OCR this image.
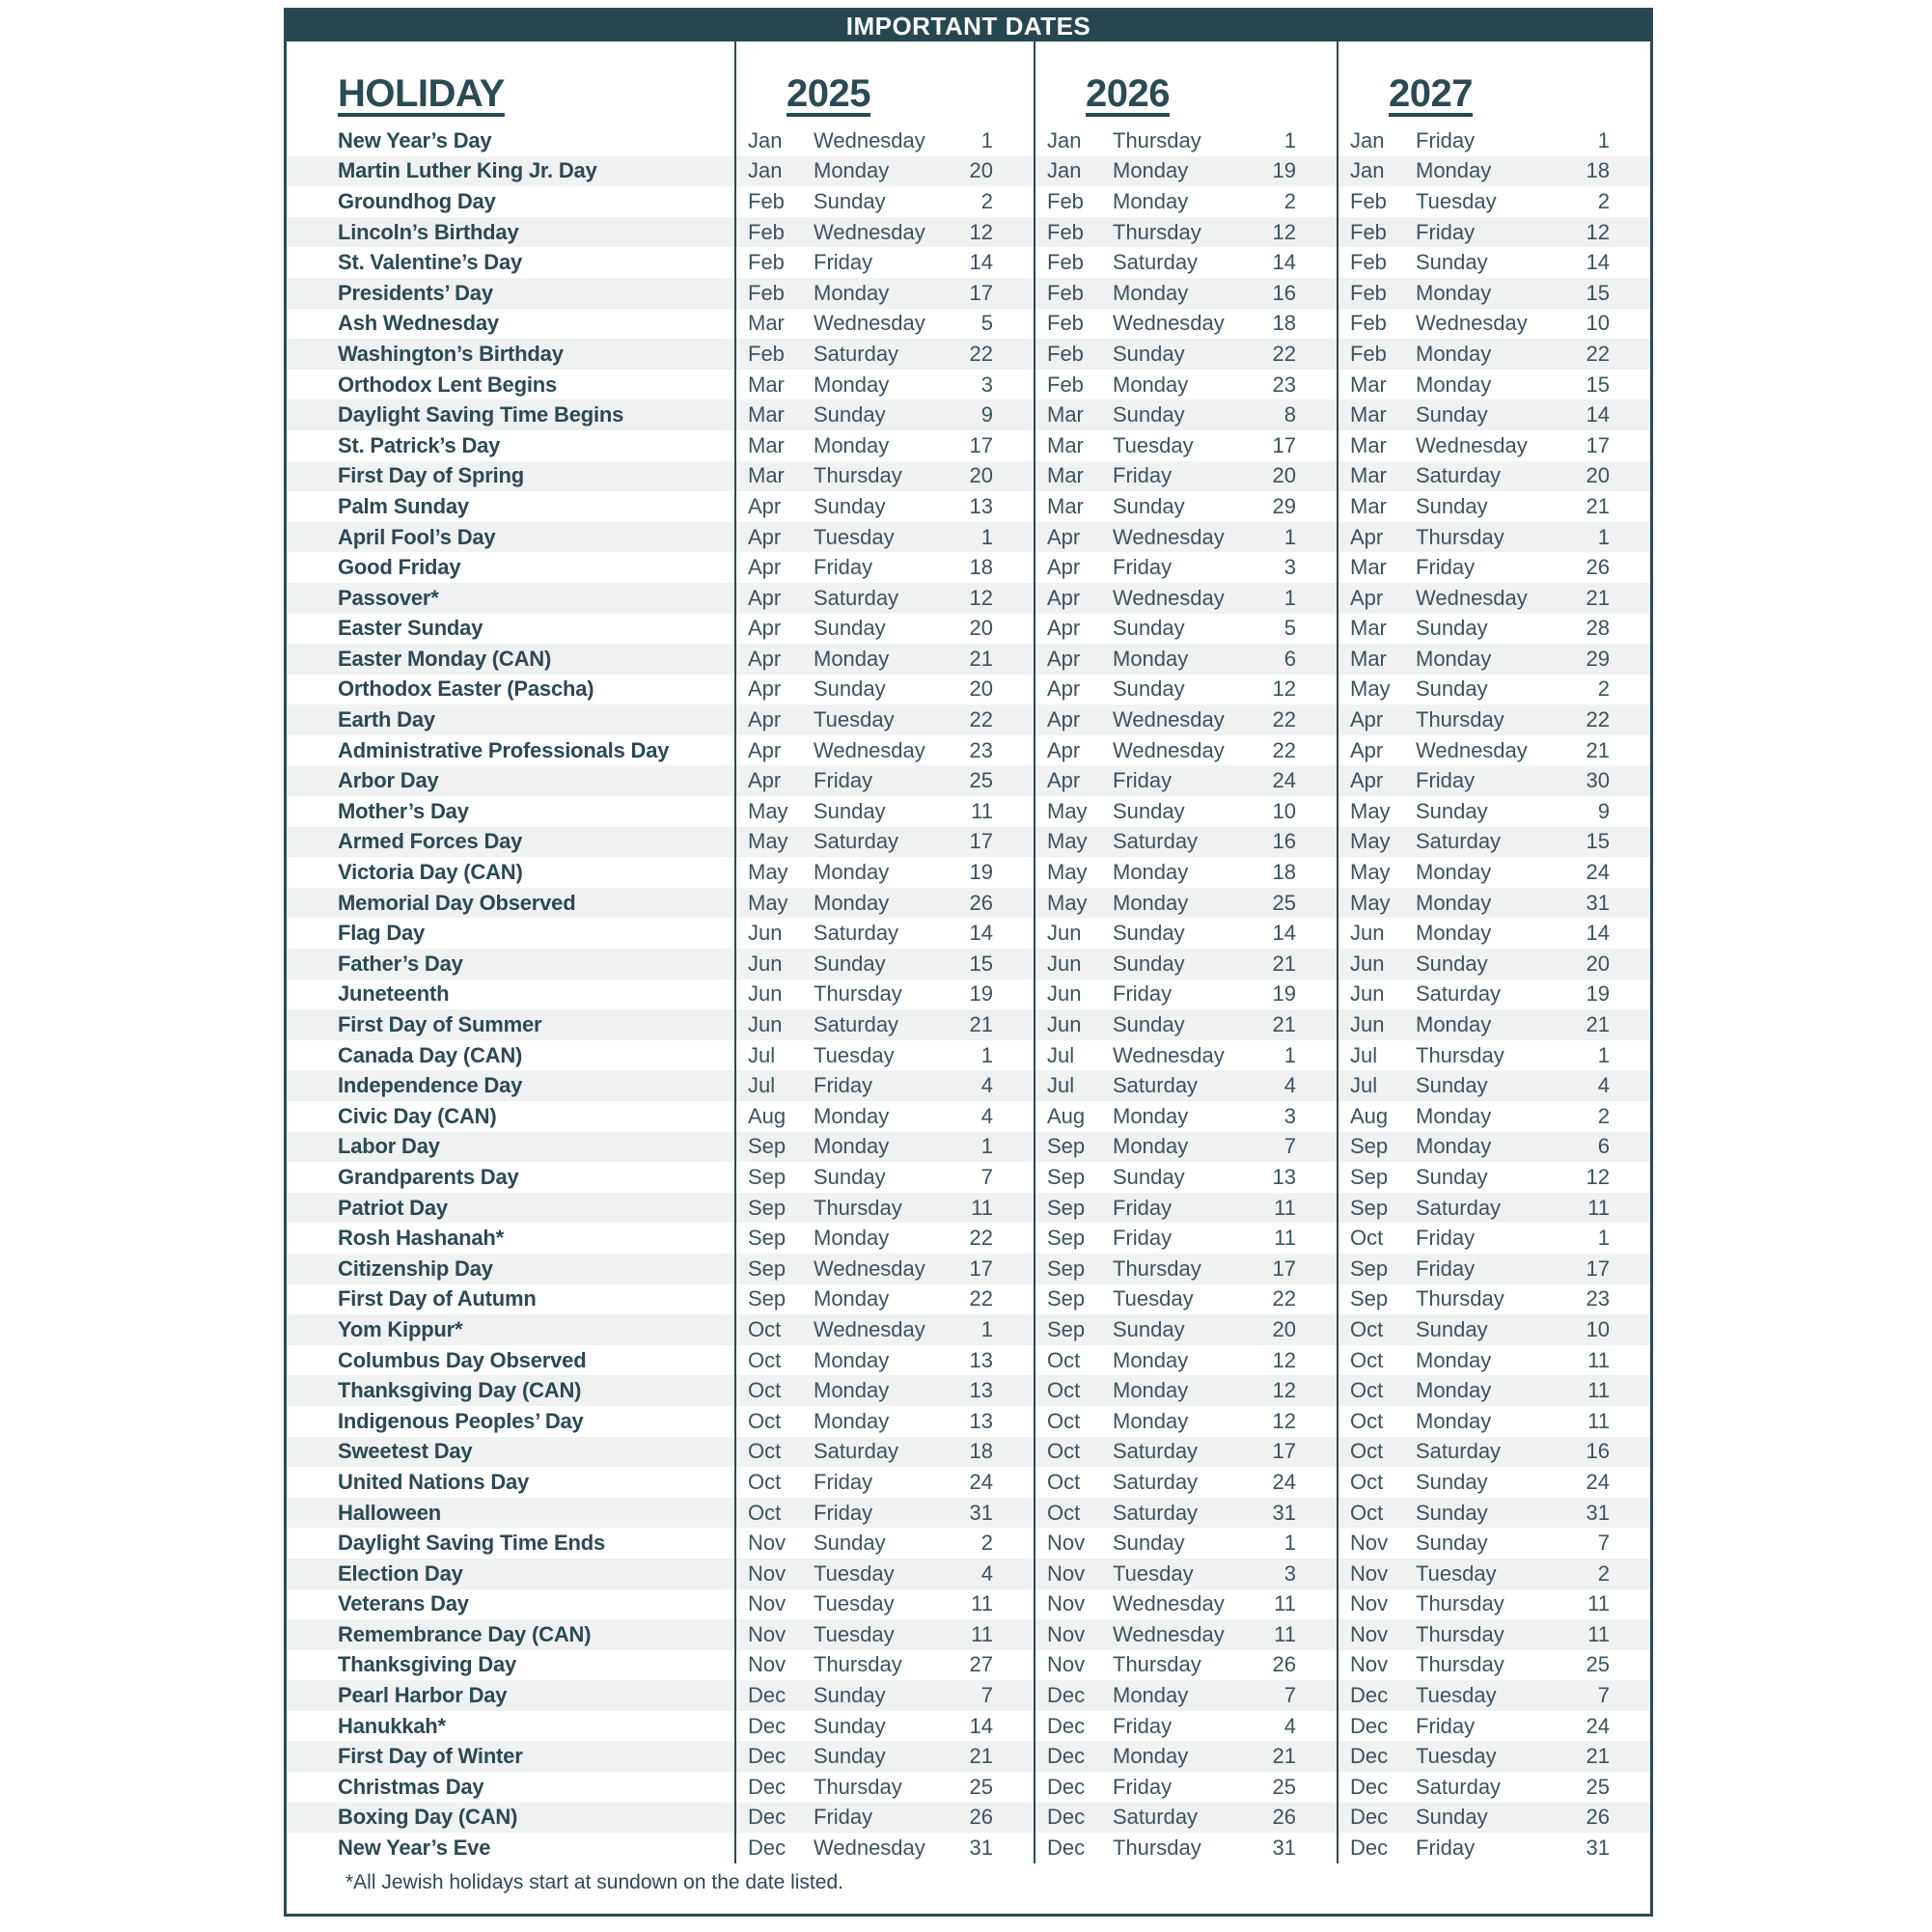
IMPORTANT DATES
HOLIDAY	2025	2026	2027
New Year’s Day	Jan	Wednesday	1	Jan	Thursday	1	Jan	Friday	1
Martin Luther King Jr. Day	Jan	Monday	20	Jan	Monday	19	Jan	Monday	18
Groundhog Day	Feb	Sunday	2	Feb	Monday	2	Feb	Tuesday	2
Lincoln’s Birthday	Feb	Wednesday	12	Feb	Thursday	12	Feb	Friday	12
St. Valentine’s Day	Feb	Friday	14	Feb	Saturday	14	Feb	Sunday	14
Presidents’ Day	Feb	Monday	17	Feb	Monday	16	Feb	Monday	15
Ash Wednesday	Mar	Wednesday	5	Feb	Wednesday	18	Feb	Wednesday	10
Washington’s Birthday	Feb	Saturday	22	Feb	Sunday	22	Feb	Monday	22
Orthodox Lent Begins	Mar	Monday	3	Feb	Monday	23	Mar	Monday	15
Daylight Saving Time Begins	Mar	Sunday	9	Mar	Sunday	8	Mar	Sunday	14
St. Patrick’s Day	Mar	Monday	17	Mar	Tuesday	17	Mar	Wednesday	17
First Day of Spring	Mar	Thursday	20	Mar	Friday	20	Mar	Saturday	20
Palm Sunday	Apr	Sunday	13	Mar	Sunday	29	Mar	Sunday	21
April Fool’s Day	Apr	Tuesday	1	Apr	Wednesday	1	Apr	Thursday	1
Good Friday	Apr	Friday	18	Apr	Friday	3	Mar	Friday	26
Passover*	Apr	Saturday	12	Apr	Wednesday	1	Apr	Wednesday	21
Easter Sunday	Apr	Sunday	20	Apr	Sunday	5	Mar	Sunday	28
Easter Monday (CAN)	Apr	Monday	21	Apr	Monday	6	Mar	Monday	29
Orthodox Easter (Pascha)	Apr	Sunday	20	Apr	Sunday	12	May	Sunday	2
Earth Day	Apr	Tuesday	22	Apr	Wednesday	22	Apr	Thursday	22
Administrative Professionals Day	Apr	Wednesday	23	Apr	Wednesday	22	Apr	Wednesday	21
Arbor Day	Apr	Friday	25	Apr	Friday	24	Apr	Friday	30
Mother’s Day	May	Sunday	11	May	Sunday	10	May	Sunday	9
Armed Forces Day	May	Saturday	17	May	Saturday	16	May	Saturday	15
Victoria Day (CAN)	May	Monday	19	May	Monday	18	May	Monday	24
Memorial Day Observed	May	Monday	26	May	Monday	25	May	Monday	31
Flag Day	Jun	Saturday	14	Jun	Sunday	14	Jun	Monday	14
Father’s Day	Jun	Sunday	15	Jun	Sunday	21	Jun	Sunday	20
Juneteenth	Jun	Thursday	19	Jun	Friday	19	Jun	Saturday	19
First Day of Summer	Jun	Saturday	21	Jun	Sunday	21	Jun	Monday	21
Canada Day (CAN)	Jul	Tuesday	1	Jul	Wednesday	1	Jul	Thursday	1
Independence Day	Jul	Friday	4	Jul	Saturday	4	Jul	Sunday	4
Civic Day (CAN)	Aug	Monday	4	Aug	Monday	3	Aug	Monday	2
Labor Day	Sep	Monday	1	Sep	Monday	7	Sep	Monday	6
Grandparents Day	Sep	Sunday	7	Sep	Sunday	13	Sep	Sunday	12
Patriot Day	Sep	Thursday	11	Sep	Friday	11	Sep	Saturday	11
Rosh Hashanah*	Sep	Monday	22	Sep	Friday	11	Oct	Friday	1
Citizenship Day	Sep	Wednesday	17	Sep	Thursday	17	Sep	Friday	17
First Day of Autumn	Sep	Monday	22	Sep	Tuesday	22	Sep	Thursday	23
Yom Kippur*	Oct	Wednesday	1	Sep	Sunday	20	Oct	Sunday	10
Columbus Day Observed	Oct	Monday	13	Oct	Monday	12	Oct	Monday	11
Thanksgiving Day (CAN)	Oct	Monday	13	Oct	Monday	12	Oct	Monday	11
Indigenous Peoples’ Day	Oct	Monday	13	Oct	Monday	12	Oct	Monday	11
Sweetest Day	Oct	Saturday	18	Oct	Saturday	17	Oct	Saturday	16
United Nations Day	Oct	Friday	24	Oct	Saturday	24	Oct	Sunday	24
Halloween	Oct	Friday	31	Oct	Saturday	31	Oct	Sunday	31
Daylight Saving Time Ends	Nov	Sunday	2	Nov	Sunday	1	Nov	Sunday	7
Election Day	Nov	Tuesday	4	Nov	Tuesday	3	Nov	Tuesday	2
Veterans Day	Nov	Tuesday	11	Nov	Wednesday	11	Nov	Thursday	11
Remembrance Day (CAN)	Nov	Tuesday	11	Nov	Wednesday	11	Nov	Thursday	11
Thanksgiving Day	Nov	Thursday	27	Nov	Thursday	26	Nov	Thursday	25
Pearl Harbor Day	Dec	Sunday	7	Dec	Monday	7	Dec	Tuesday	7
Hanukkah*	Dec	Sunday	14	Dec	Friday	4	Dec	Friday	24
First Day of Winter	Dec	Sunday	21	Dec	Monday	21	Dec	Tuesday	21
Christmas Day	Dec	Thursday	25	Dec	Friday	25	Dec	Saturday	25
Boxing Day (CAN)	Dec	Friday	26	Dec	Saturday	26	Dec	Sunday	26
New Year’s Eve	Dec	Wednesday	31	Dec	Thursday	31	Dec	Friday	31
*All Jewish holidays start at sundown on the date listed.
